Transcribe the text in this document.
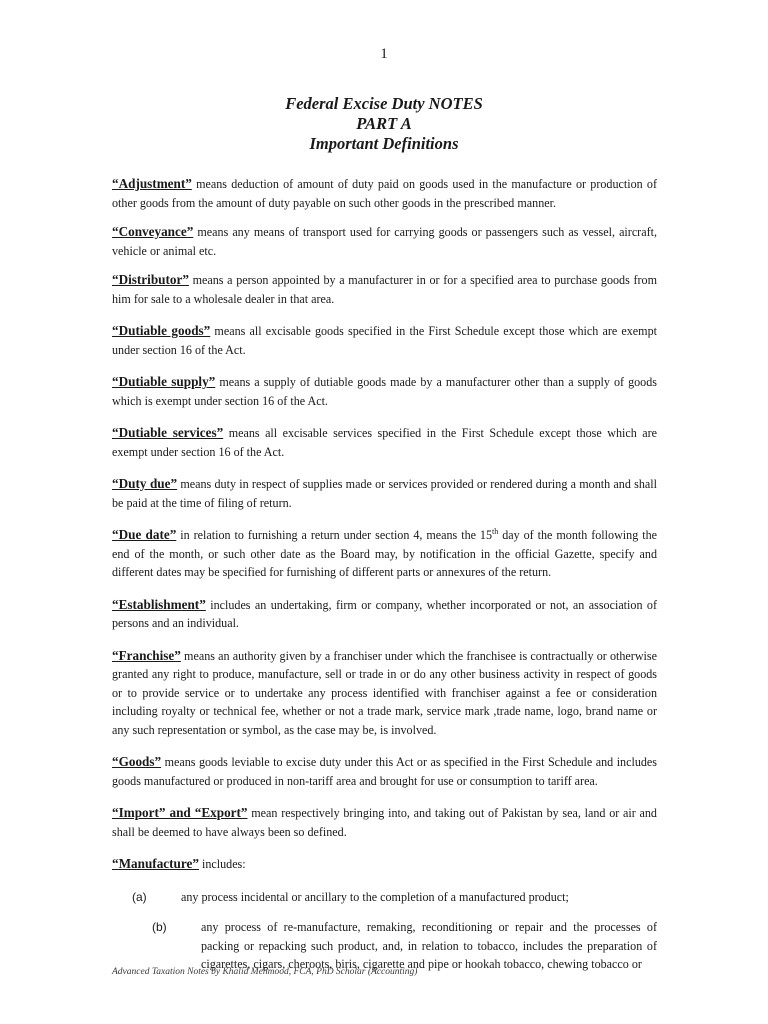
1
Federal Excise Duty NOTES
PART A
Important Definitions

“Adjustment” means deduction of amount of duty paid on goods used in the manufacture or production of other goods from the amount of duty payable on such other goods in the prescribed manner.

“Conveyance” means any means of transport used for carrying goods or passengers such as vessel, aircraft, vehicle or animal etc.

“Distributor” means a person appointed by a manufacturer in or for a specified area to purchase goods from him for sale to a wholesale dealer in that area.

“Dutiable goods” means all excisable goods specified in the First Schedule except those which are exempt under section 16 of the Act.

“Dutiable supply” means a supply of dutiable goods made by a manufacturer other than a supply of goods which is exempt under section 16 of the Act.

“Dutiable services” means all excisable services specified in the First Schedule except those which are exempt under section 16 of the Act.

“Duty due” means duty in respect of supplies made or services provided or rendered during a month and shall be paid at the time of filing of return.

“Due date” in relation to furnishing a return under section 4, means the 15th day of the month following the end of the month, or such other date as the Board may, by notification in the official Gazette, specify and different dates may be specified for furnishing of different parts or annexures of the return.

“Establishment” includes an undertaking, firm or company, whether incorporated or not, an association of persons and an individual.

“Franchise” means an authority given by a franchiser under which the franchisee is contractually or otherwise granted any right to produce, manufacture, sell or trade in or do any other business activity in respect of goods or to provide service or to undertake any process identified with franchiser against a fee or consideration including royalty or technical fee, whether or not a trade mark, service mark ,trade name, logo, brand name or any such representation or symbol, as the case may be, is involved.

“Goods” means goods leviable to excise duty under this Act or as specified in the First Schedule and includes goods manufactured or produced in non-tariff area and brought for use or consumption to tariff area.

“Import” and “Export” mean respectively bringing into, and taking out of Pakistan by sea, land or air and shall be deemed to have always been so defined.

“Manufacture” includes:

(a)	any process incidental or ancillary to the completion of a manufactured product;
(b)	any process of re-manufacture, remaking, reconditioning or repair and the processes of packing or repacking such product, and, in relation to tobacco, includes the preparation of cigarettes, cigars, cheroots, biris, cigarette and pipe or hookah tobacco, chewing tobacco or
Advanced Taxation Notes by Khalid Mehmood, FCA, PhD Scholar (Accounting)
